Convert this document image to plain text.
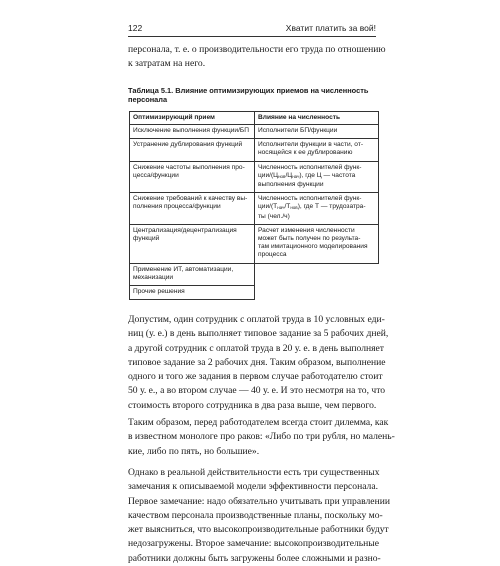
122	Хватит платить за вой!
персонала, т. е. о производительности его труда по отношению
к затратам на него.
Таблица 5.1. Влияние оптимизирующих приемов на численность
персонала
Оптимизирующий прием	Влияние на численность
Исключение выполнения функции/БП	Исполнители БП/функции
Устранение дублирования функций	Исполнители функции в части, от-
носящейся к ее дублированию
Снижение частоты выполнения про-
цесса/функции	Численность исполнителей функ-
ции/$(Ц_{нов}/Ц_{нач})$, где Ц — частота
выполнения функции
Снижение требований к качеству вы-
полнения процесса/функции	Численность исполнителей функ-
ции/$(T_{нач}/T_{нов})$, где Т — трудозатра-
ты (чел./ч)
Централизация/децентрализация
функций	Расчет изменения численности
может быть получен по результа-
там имитационного моделирования
процесса
Применение ИТ, автоматизации,
механизации	
Прочие решения	
Допустим, один сотрудник с оплатой труда в 10 условных еди-
ниц (у. е.) в день выполняет типовое задание за 5 рабочих дней,
а другой сотрудник с оплатой труда в 20 у. е. в день выполняет
типовое задание за 2 рабочих дня. Таким образом, выполнение
одного и того же задания в первом случае работодателю стоит
50 у. е., а во втором случае — 40 у. е. И это несмотря на то, что
стоимость второго сотрудника в два раза выше, чем первого.
Таким образом, перед работодателем всегда стоит дилемма, как
в известном монологе про раков: «Либо по три рубля, но малень-
кие, либо по пять, но большие».
Однако в реальной действительности есть три существенных
замечания к описываемой модели эффективности персонала.
Первое замечание: надо обязательно учитывать при управлении
качеством персонала производственные планы, поскольку мо-
жет выясниться, что высокопроизводительные работники будут
недозагружены. Второе замечание: высокопроизводительные
работники должны быть загружены более сложными и разно-
